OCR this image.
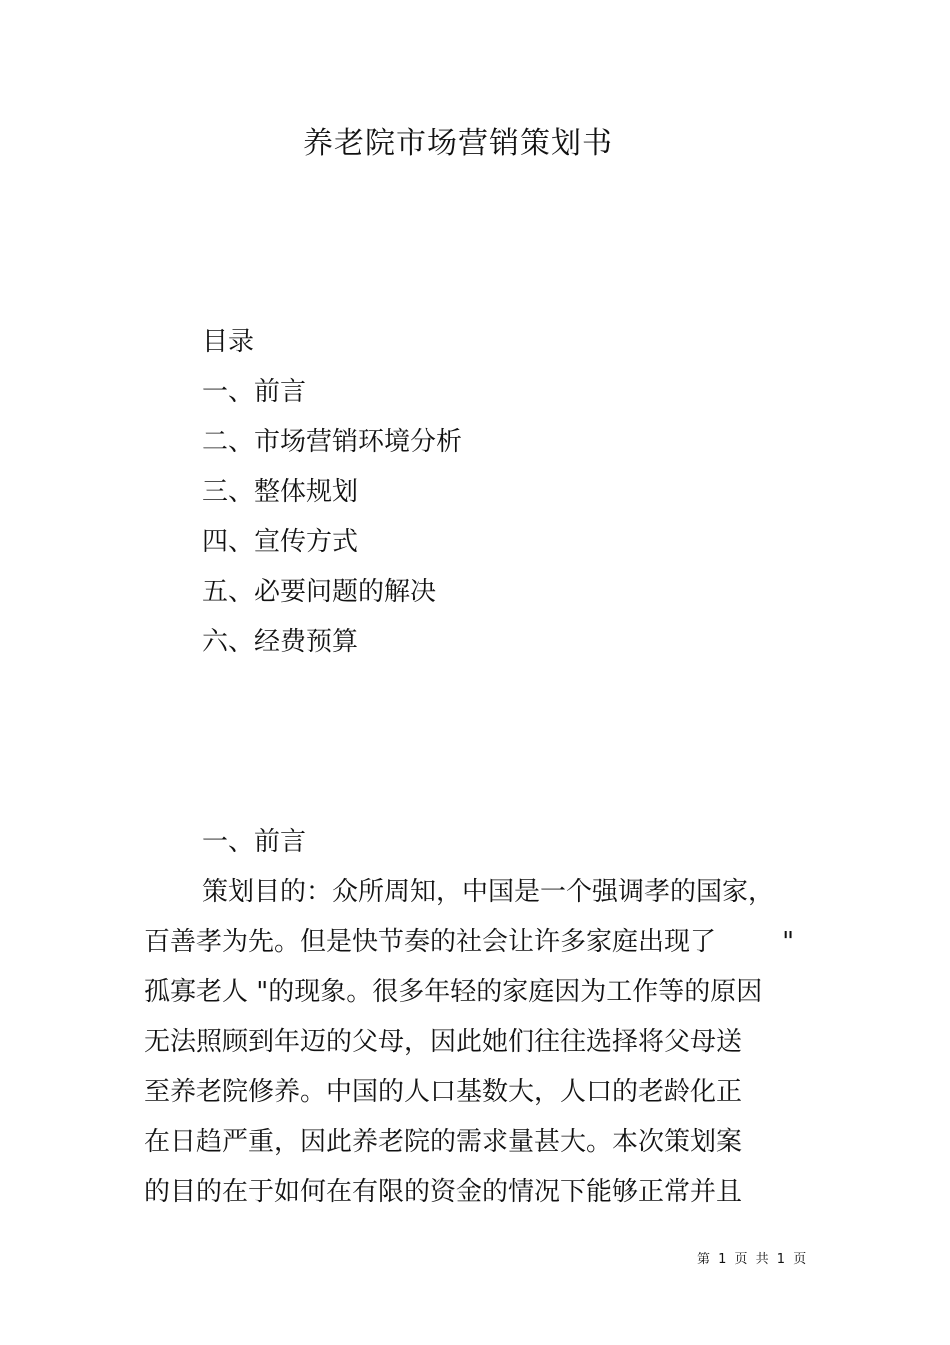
养老院市场营销策划书
目录
一、前言
二、市场营销环境分析
三、整体规划
四、宣传方式
五、必要问题的解决
六、经费预算
一、前言
策划目的：众所周知，中国是一个强调孝的国家，
百善孝为先。但是快节奏的社会让许多家庭出现了        "
孤寡老人 "的现象。很多年轻的家庭因为工作等的原因
无法照顾到年迈的父母，因此她们往往选择将父母送
至养老院修养。中国的人口基数大，人口的老龄化正
在日趋严重，因此养老院的需求量甚大。本次策划案
的目的在于如何在有限的资金的情况下能够正常并且
第 1 页 共 1 页
